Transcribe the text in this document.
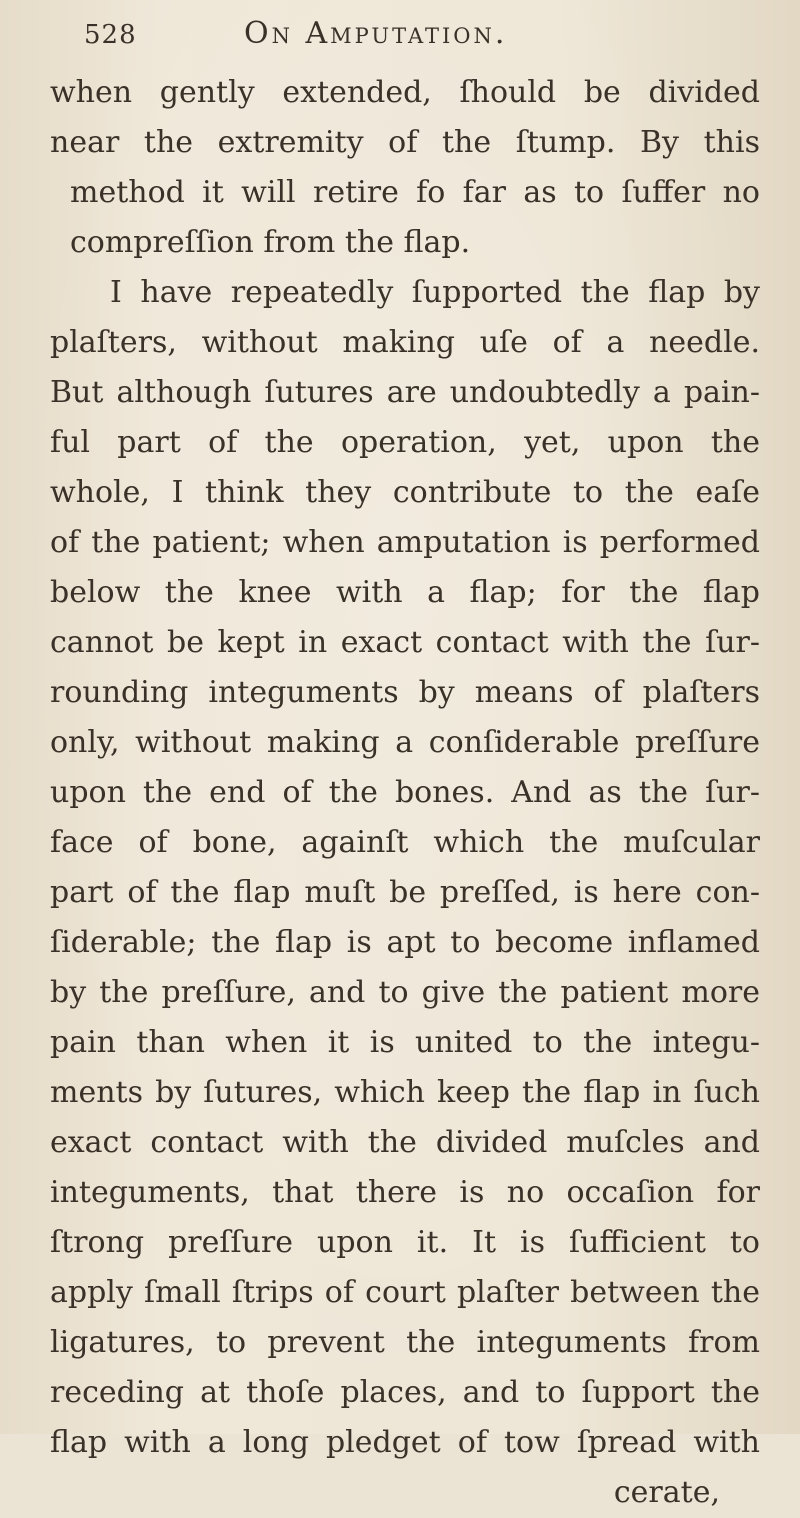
528	On Amputation.
when gently extended, ſhould be divided
near the extremity of the ſtump. By this
method it will retire fo far as to ſuffer no
compreſſion from the flap.
I have repeatedly ſupported the flap by
plaſters, without making uſe of a needle.
But although ſutures are undoubtedly a pain-
ful part of the operation, yet, upon the
whole, I think they contribute to the eaſe
of the patient; when amputation is performed
below the knee with a flap; for the flap
cannot be kept in exact contact with the ſur-
rounding integuments by means of plaſters
only, without making a conſiderable preſſure
upon the end of the bones. And as the ſur-
face of bone, againſt which the muſcular
part of the flap muſt be preſſed, is here con-
ſiderable; the flap is apt to become inflamed
by the preſſure, and to give the patient more
pain than when it is united to the integu-
ments by ſutures, which keep the flap in ſuch
exact contact with the divided muſcles and
integuments, that there is no occaſion for
ſtrong preſſure upon it. It is ſufficient to
apply ſmall ſtrips of court plaſter between the
ligatures, to prevent the integuments from
receding at thoſe places, and to ſupport the
flap with a long pledget of tow ſpread with
cerate,
